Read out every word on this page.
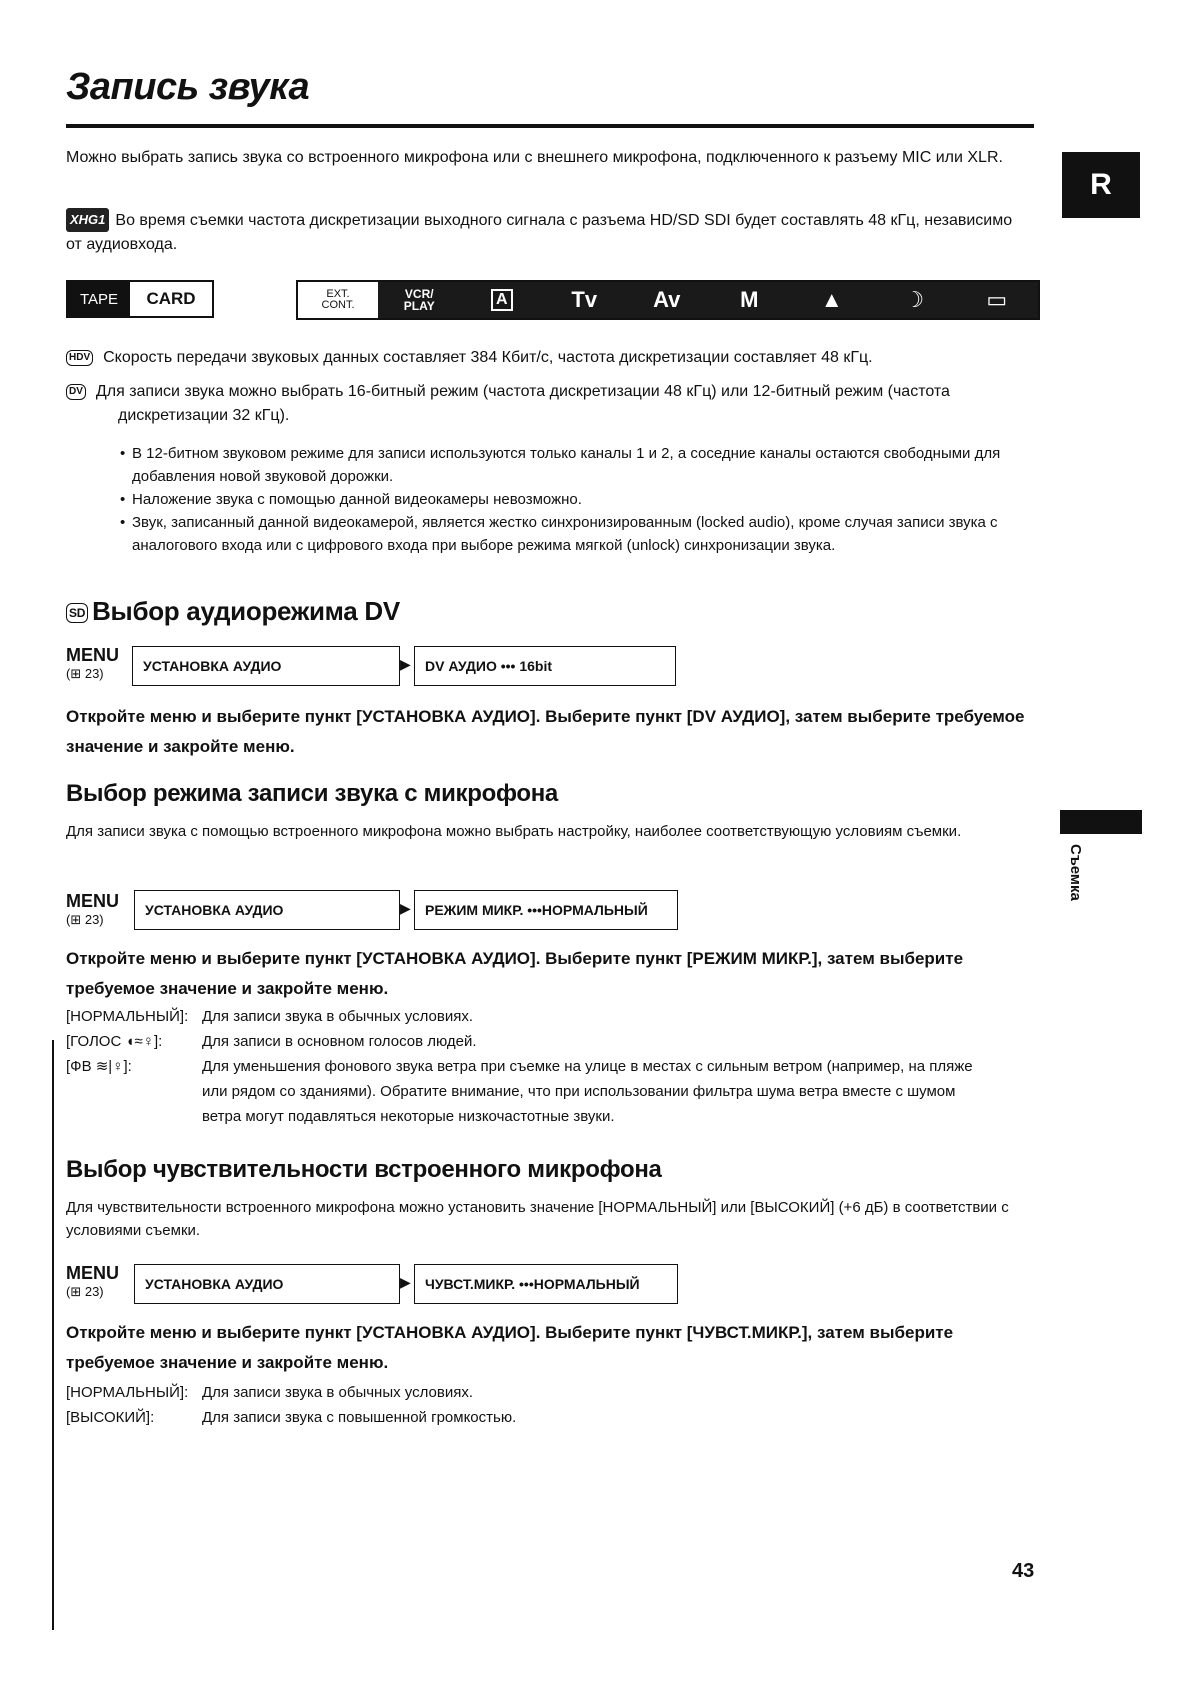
Запись звука
Можно выбрать запись звука со встроенного микрофона или с внешнего микрофона, подключенного к разъему MIC или XLR.
XHG1 Во время съемки частота дискретизации выходного сигнала с разъема HD/SD SDI будет составлять 48 кГц, независимо от аудиовхода.
TAPE	CARD	EXT.
CONT.
VCR/
PLAY	A	Tv	Av	M	▲	☽	▭
HDV Скорость передачи звуковых данных составляет 384 Кбит/с, частота дискретизации составляет 48 кГц.
DV Для записи звука можно выбрать 16-битный режим (частота дискретизации 48 кГц) или 12-битный режим (частота дискретизации 32 кГц).
• В 12-битном звуковом режиме для записи используются только каналы 1 и 2, а соседние каналы остаются свободными для добавления новой звуковой дорожки.
• Наложение звука с помощью данной видеокамеры невозможно.
• Звук, записанный данной видеокамерой, является жестко синхронизированным (locked audio), кроме случая записи звука с аналогового входа или с цифрового входа при выборе режима мягкой (unlock) синхронизации звука.
SD Выбор аудиорежима DV
MENU
(⊞ 23)	УСТАНОВКА АУДИО	▶	DV АУДИО ••• 16bit
Откройте меню и выберите пункт [УСТАНОВКА АУДИО]. Выберите пункт [DV АУДИО], затем выберите требуемое значение и закройте меню.
Выбор режима записи звука с микрофона
Для записи звука с помощью встроенного микрофона можно выбрать настройку, наиболее соответствующую условиям съемки.
MENU
(⊞ 23)
УСТАНОВКА АУДИО	▶	РЕЖИМ МИКР. •••НОРМАЛЬНЫЙ
Откройте меню и выберите пункт [УСТАНОВКА АУДИО]. Выберите пункт [РЕЖИМ МИКР.], затем выберите требуемое значение и закройте меню.
[НОРМАЛЬНЫЙ]: Для записи звука в обычных условиях.
[ГОЛОС ◖≈♀]:	Для записи в основном голосов людей.
[ФВ ≋|♀]:	Для уменьшения фонового звука ветра при съемке на улице в местах с сильным ветром (например, на пляже или рядом со зданиями). Обратите внимание, что при использовании фильтра шума ветра вместе с шумом ветра могут подавляться некоторые низкочастотные звуки.
Выбор чувствительности встроенного микрофона
Для чувствительности встроенного микрофона можно установить значение [НОРМАЛЬНЫЙ] или [ВЫСОКИЙ] (+6 дБ) в соответствии с условиями съемки.
MENU
(⊞ 23)	УСТАНОВКА АУДИО	▶	ЧУВСТ.МИКР. •••НОРМАЛЬНЫЙ
Откройте меню и выберите пункт [УСТАНОВКА АУДИО]. Выберите пункт [ЧУВСТ.МИКР.], затем выберите требуемое значение и закройте меню.
[НОРМАЛЬНЫЙ]: Для записи звука в обычных условиях.
[ВЫСОКИЙ]:	Для записи звука с повышенной громкостью.
R
Съемка
43
